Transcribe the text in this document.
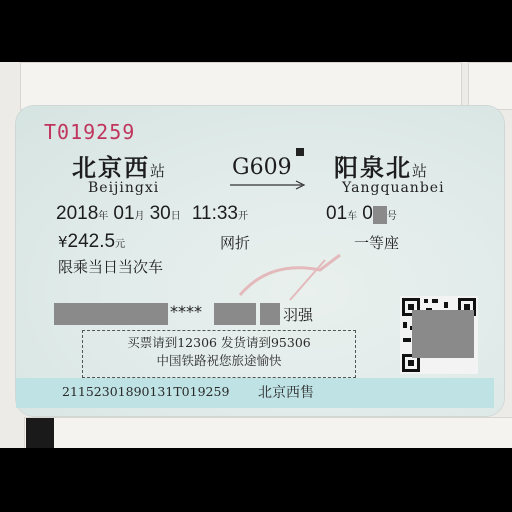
T019259
北京西站
Beijingxi
G609 阳泉北站
Yangquanbei
2018年 01月 30日 11:33开	01车 0 号
¥242.5元	网折	一等座
限乘当日当次车
****	羽强
买票请到12306 发货请到95306
中国铁路祝您旅途愉快
21152301890131T019259 北京西售
